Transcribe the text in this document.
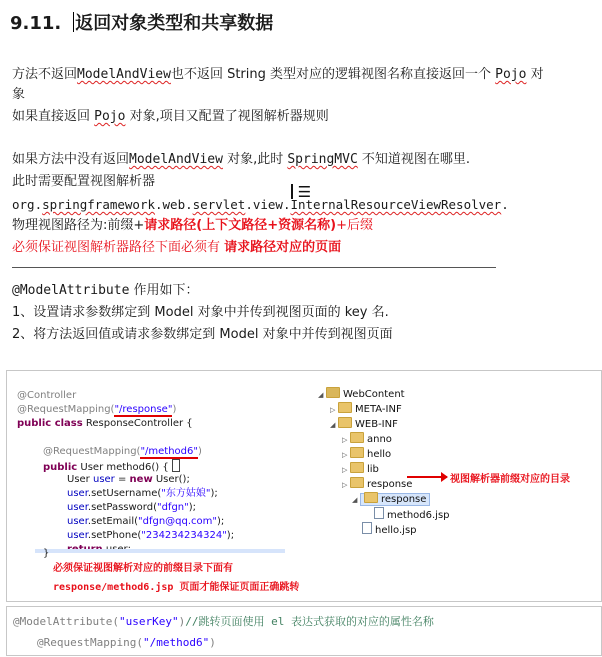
9.11. 返回对象类型和共享数据
方法不返回ModelAndView也不返回 String 类型对应的逻辑视图名称直接返回一个 Pojo 对
象
如果直接返回 Pojo 对象,项目又配置了视图解析器规则
如果方法中没有返回ModelAndView 对象,此时 SpringMVC 不知道视图在哪里.
此时需要配置视图解析器
☰
org.springframework.web.servlet.view.InternalResourceViewResolver.
物理视图路径为:前缀+请求路径(上下文路径+资源名称)+后缀
必须保证视图解析器路径下面必须有 请求路径对应的页面
@ModelAttribute 作用如下：
1、设置请求参数绑定到 Model 对象中并传到视图页面的 key 名.
2、将方法返回值或请求参数绑定到 Model 对象中并传到视图页面
@Controller
@RequestMapping("/response")
public class ResponseController {
@RequestMapping("/method6")
public User method6() {
User user = new User();
user.setUsername("东方姑娘");
user.setPassword("dfgn");
user.setEmail("dfgn@qq.com");
user.setPhone("234234234324");
}
必须保证视图解析对应的前缀目录下面有
response/method6.jsp 页面才能保证页面正确跳转
◢ WebContent
▷ META-INF
◢ WEB-INF
▷ anno
▷ hello
▷ lib
▷ response	视图解析器前缀对应的目录
◢ response
method6.jsp
hello.jsp
@ModelAttribute("userKey")//跳转页面使用 el 表达式获取的对应的属性名称
@RequestMapping("/method6")
